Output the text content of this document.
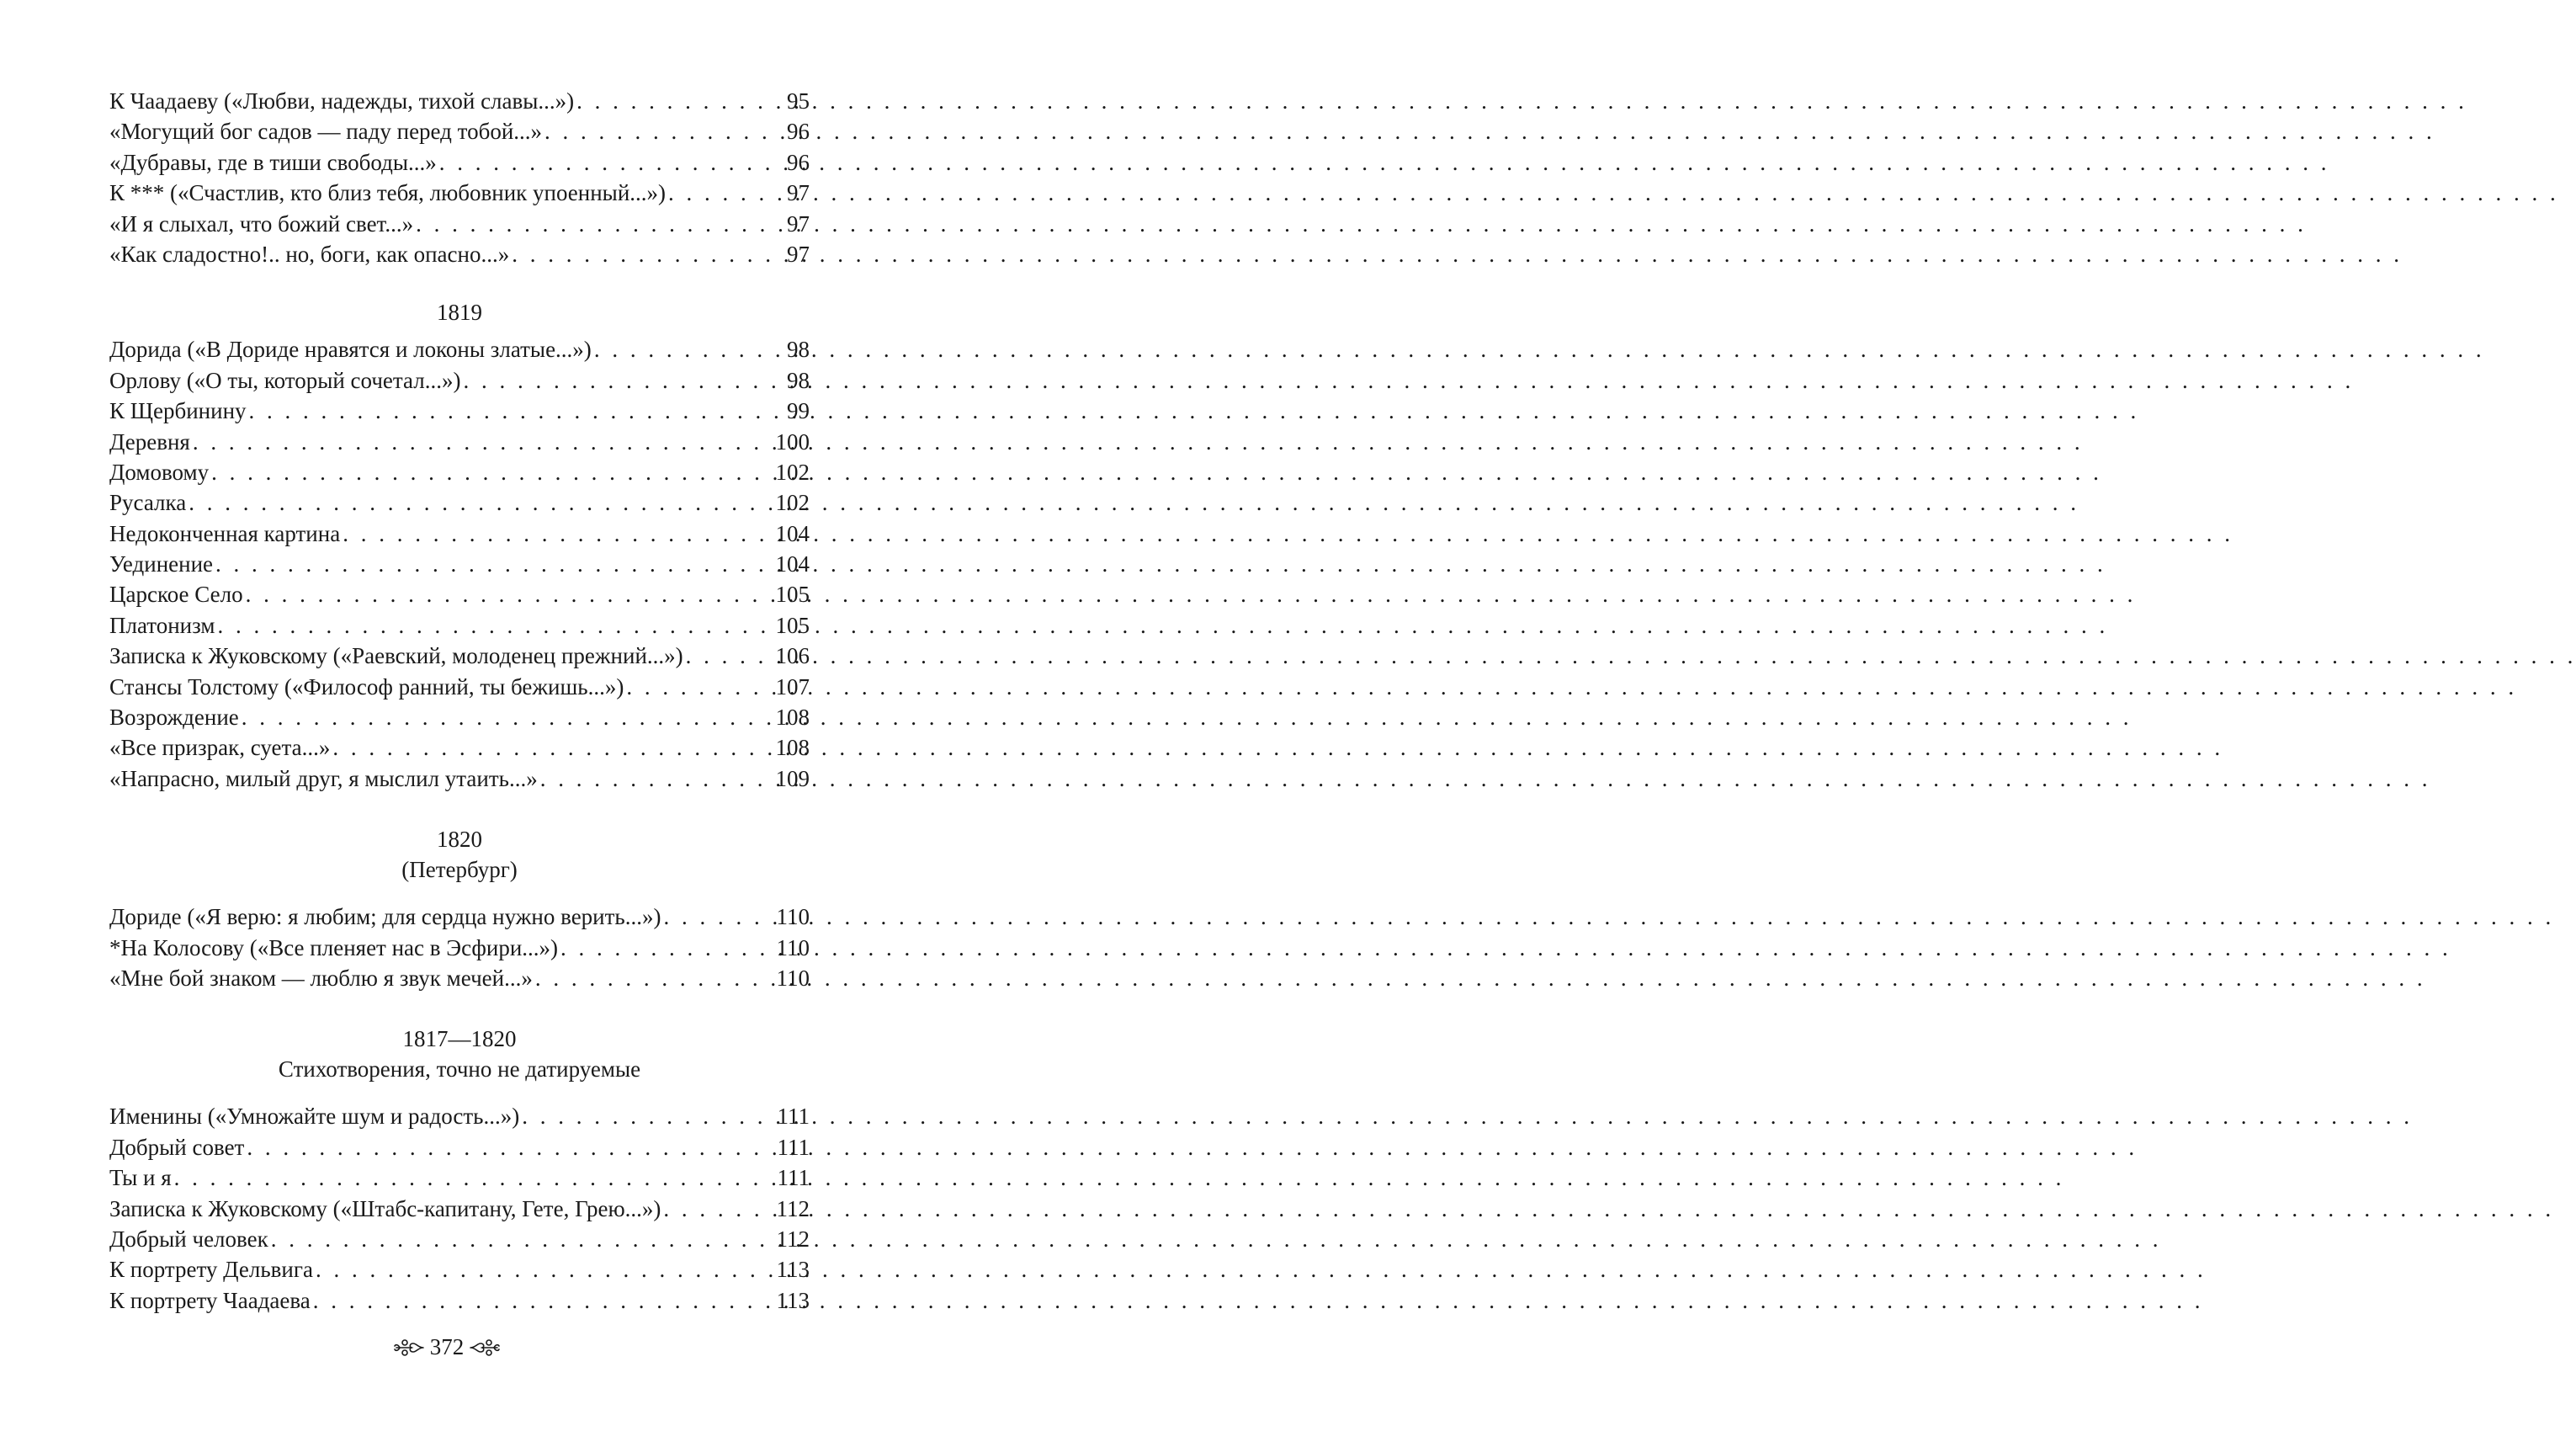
К Чаадаеву («Любви, надежды, тихой славы...») . . .	95
«Могущий бог садов — паду перед тобой...» . . .	96
«Дубравы, где в тиши свободы...» . . .	96
К *** («Счастлив, кто близ тебя, любовник упоенный...») . . .	97
«И я слыхал, что божий свет...» . . .	97
«Как сладостно!.. но, боги, как опасно...» . . .	97
1819
Дорида («В Дориде нравятся и локоны златые...») . . .	98
Орлову («О ты, который сочетал...») . . .	98
К Щербинину . . .	99
Деревня . . .	100
Домовому . . .	102
Русалка . . .	102
Недоконченная картина . . .	104
Уединение . . .	104
Царское Село . . .	105
Платонизм . . .	105
Записка к Жуковскому («Раевский, молоденец прежний...») . . .	106
Стансы Толстому («Философ ранний, ты бежишь...») . . .	107
Возрождение . . .	108
«Все призрак, суета...» . . .	108
«Напрасно, милый друг, я мыслил утаить...» . . .	109
1820
(Петербург)
Дориде («Я верю: я любим; для сердца нужно верить...») . . .	110
*На Колосову («Все пленяет нас в Эсфири...») . . .	110
«Мне бой знаком — люблю я звук мечей...» . . .	110
1817—1820
Стихотворения, точно не датируемые
Именины («Умножайте шум и радость...») . . .	111
Добрый совет . . .	111
Ты и я . . .	111
Записка к Жуковскому («Штабс-капитану, Гете, Грею...») . . .	112
Добрый человек . . .	112
К портрету Дельвига . . .	113
К портрету Чаадаева . . .	113
372
